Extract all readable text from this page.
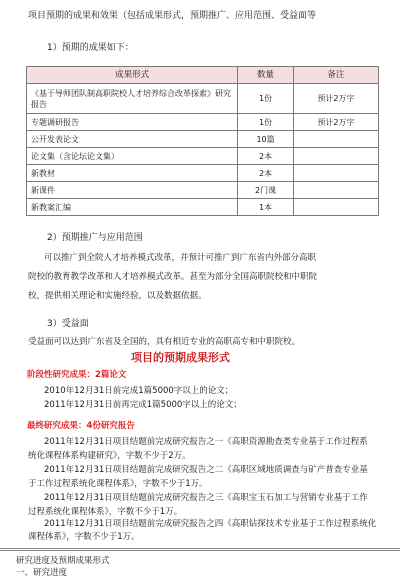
项目预期的成果和效果（包括成果形式，预期推广、应用范围、受益面等
1）预期的成果如下：
成果形式	数量	备注
《基于导师团队制高职院校人才培养综合改革探索》研究报告	1份	预计2万字
专题调研报告	1份	预计2万字
公开发表论文	10篇	
论文集（含论坛论文集）	2本	
新教材	2本	
新课件	2门课	
新教案汇编	1本	
2）预期推广与应用范围
可以推广到全院人才培养模式改革，并预计可推广到广东省内外部分高职
院校的教育教学改革和人才培养模式改革。甚至为部分全国高职院校和中职院
校，提供相关理论和实施经验，以及数据依据。
3）受益面
受益面可以达到广东省及全国的，具有相近专业的高职高专和中职院校。
项目的预期成果形式
阶段性研究成果：2篇论文
2010年12月31日前完成1篇5000字以上的论文；
2011年12月31日前再完成1篇5000字以上的论文；
最终研究成果：4份研究报告
2011年12月31日项目结题前完成研究报告之一《高职资源勘查类专业基于工作过程系
统化课程体系构建研究》，字数不少于2万。
2011年12月31日项目结题前完成研究报告之二《高职区域地质调查与矿产普查专业基
于工作过程系统化课程体系》，字数不少于1万。
2011年12月31日项目结题前完成研究报告之三《高职宝玉石加工与营销专业基于工作
过程系统化课程体系》，字数不少于1万。
2011年12月31日项目结题前完成研究报告之四《高职钻探技术专业基于工作过程系统化
课程体系》，字数不少于1万。
研究进度及预期成果形式
一、研究进度
